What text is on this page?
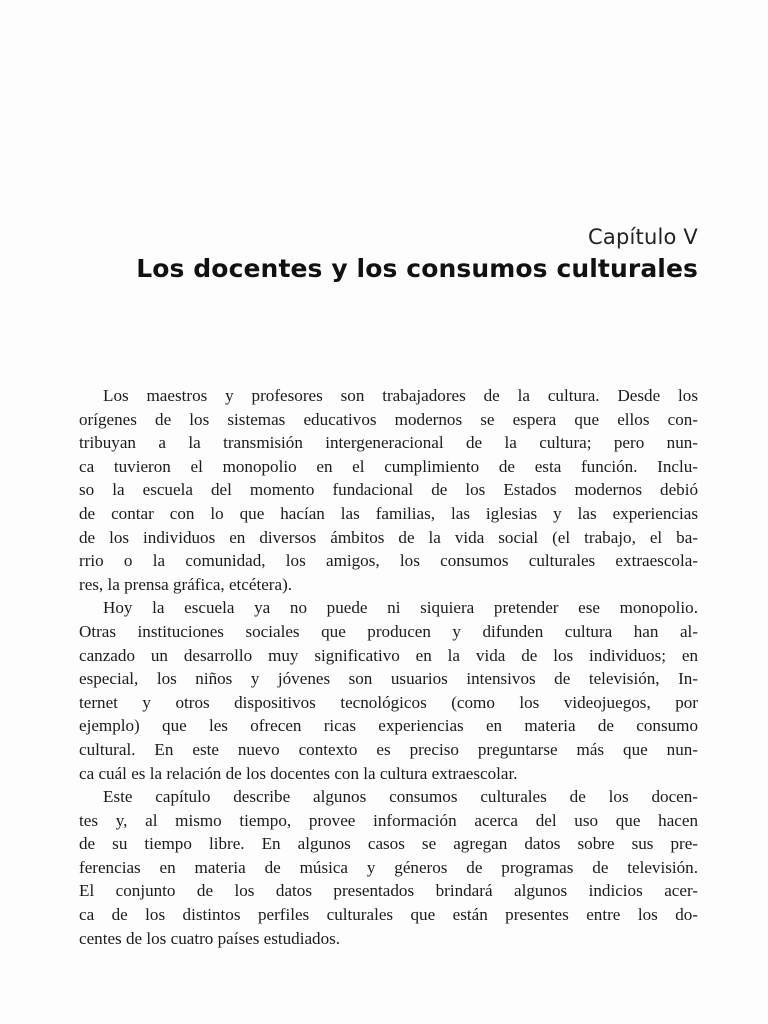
Capítulo V
Los docentes y los consumos culturales

Los maestros y profesores son trabajadores de la cultura. Desde los
orígenes de los sistemas educativos modernos se espera que ellos con-
tribuyan a la transmisión intergeneracional de la cultura; pero nun-
ca tuvieron el monopolio en el cumplimiento de esta función. Inclu-
so la escuela del momento fundacional de los Estados modernos debió
de contar con lo que hacían las familias, las iglesias y las experiencias
de los individuos en diversos ámbitos de la vida social (el trabajo, el ba-
rrio o la comunidad, los amigos, los consumos culturales extraescola-
res, la prensa gráfica, etcétera).

Hoy la escuela ya no puede ni siquiera pretender ese monopolio.
Otras instituciones sociales que producen y difunden cultura han al-
canzado un desarrollo muy significativo en la vida de los individuos; en
especial, los niños y jóvenes son usuarios intensivos de televisión, In-
ternet y otros dispositivos tecnológicos (como los videojuegos, por
ejemplo) que les ofrecen ricas experiencias en materia de consumo
cultural. En este nuevo contexto es preciso preguntarse más que nun-
ca cuál es la relación de los docentes con la cultura extraescolar.

Este capítulo describe algunos consumos culturales de los docen-
tes y, al mismo tiempo, provee información acerca del uso que hacen
de su tiempo libre. En algunos casos se agregan datos sobre sus pre-
ferencias en materia de música y géneros de programas de televisión.
El conjunto de los datos presentados brindará algunos indicios acer-
ca de los distintos perfiles culturales que están presentes entre los do-
centes de los cuatro países estudiados.
